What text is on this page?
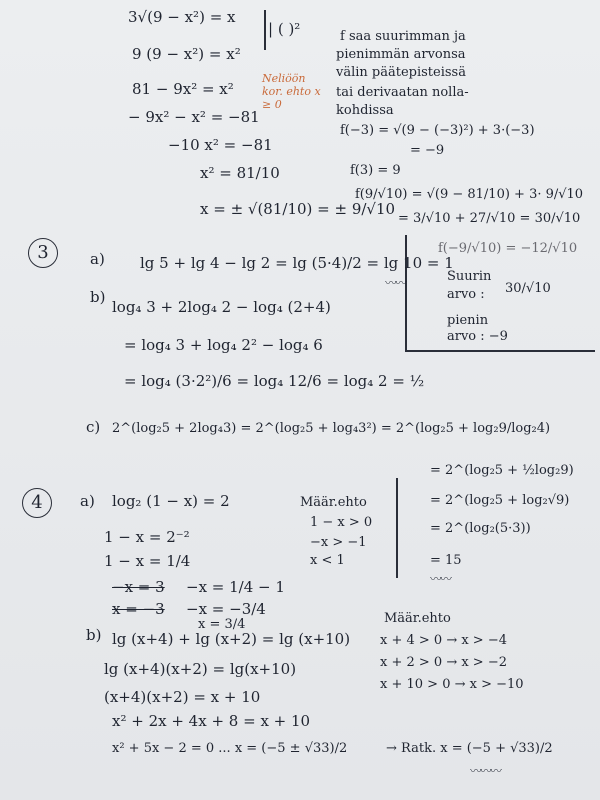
3√(9 − x²) = x
9 (9 − x²) = x²
81 − 9x² = x²
− 9x² − x² = −81
−10 x² = −81
x² = 81/10
x = ± √(81/10) = ± 9/√10
| ( )²
Neliöön kor. ehto x ≥ 0
f saa suurimman ja
pienimmän arvonsa
välin päätepisteissä
tai derivaatan nolla-
kohdissa
f(−3) = √(9 − (−3)²) + 3·(−3)
= −9
f(3) = 9
f(9/√10) = √(9 − 81/10) + 3· 9/√10
= 3/√10 + 27/√10 = 30/√10
f(−9/√10) = −12/√10
Suurin
arvo : 30/√10
pienin
arvo : −9
3	a) lg 5 + lg 4 − lg 2 = lg (5·4)/2 = lg 10 = 1
〰〰
b)
log₄ 3 + 2log₄ 2 − log₄ (2+4)
= log₄ 3 + log₄ 2² − log₄ 6
= log₄ (3·2²)/6 = log₄ 12/6 = log₄ 2 = ½
c) 2^(log₂5 + 2log₄3) = 2^(log₂5 + log₄3²) = 2^(log₂5 + log₂9/log₂4)
= 2^(log₂5 + ½log₂9)
= 2^(log₂5 + log₂√9)
= 2^(log₂(5·3))
= 15
〰〰
4	a) log₂ (1 − x) = 2
1 − x = 2⁻²
1 − x = 1/4
−x = 3
x = −3
−x = 1/4 − 1
−x = −3/4
x = 3/4
Määr.ehto
1 − x > 0
−x > −1
x < 1
b) lg (x+4) + lg (x+2) = lg (x+10)
lg (x+4)(x+2) = lg(x+10)
(x+4)(x+2) = x + 10
x² + 2x + 4x + 8 = x + 10
x² + 5x − 2 = 0 ... x = (−5 ± √33)/2
Määr.ehto
x + 4 > 0 → x > −4
x + 2 > 0 → x > −2
x + 10 > 0 → x > −10
→ Ratk. x = (−5 + √33)/2
〰〰〰
